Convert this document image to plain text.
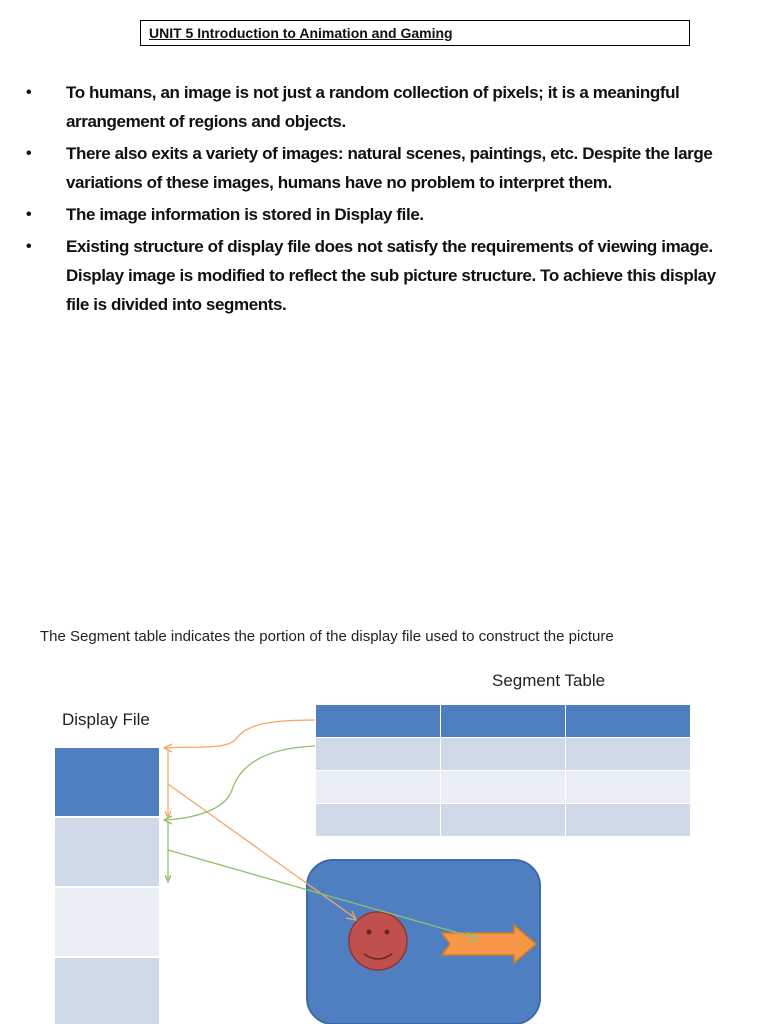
UNIT 5 Introduction to Animation and Gaming
• To humans, an image is not just a random collection of pixels; it is a meaningful arrangement of regions and objects.
• There also exits a variety of images: natural scenes, paintings, etc. Despite the large variations of these images, humans have no problem to interpret them.
• The image information is stored in Display file.
• Existing structure of display file does not satisfy the requirements of viewing image. Display image is modified to reflect the sub picture structure. To achieve this display file is divided into segments.
The Segment table indicates the portion of the display file used to construct the picture
Segment Table
Display File
